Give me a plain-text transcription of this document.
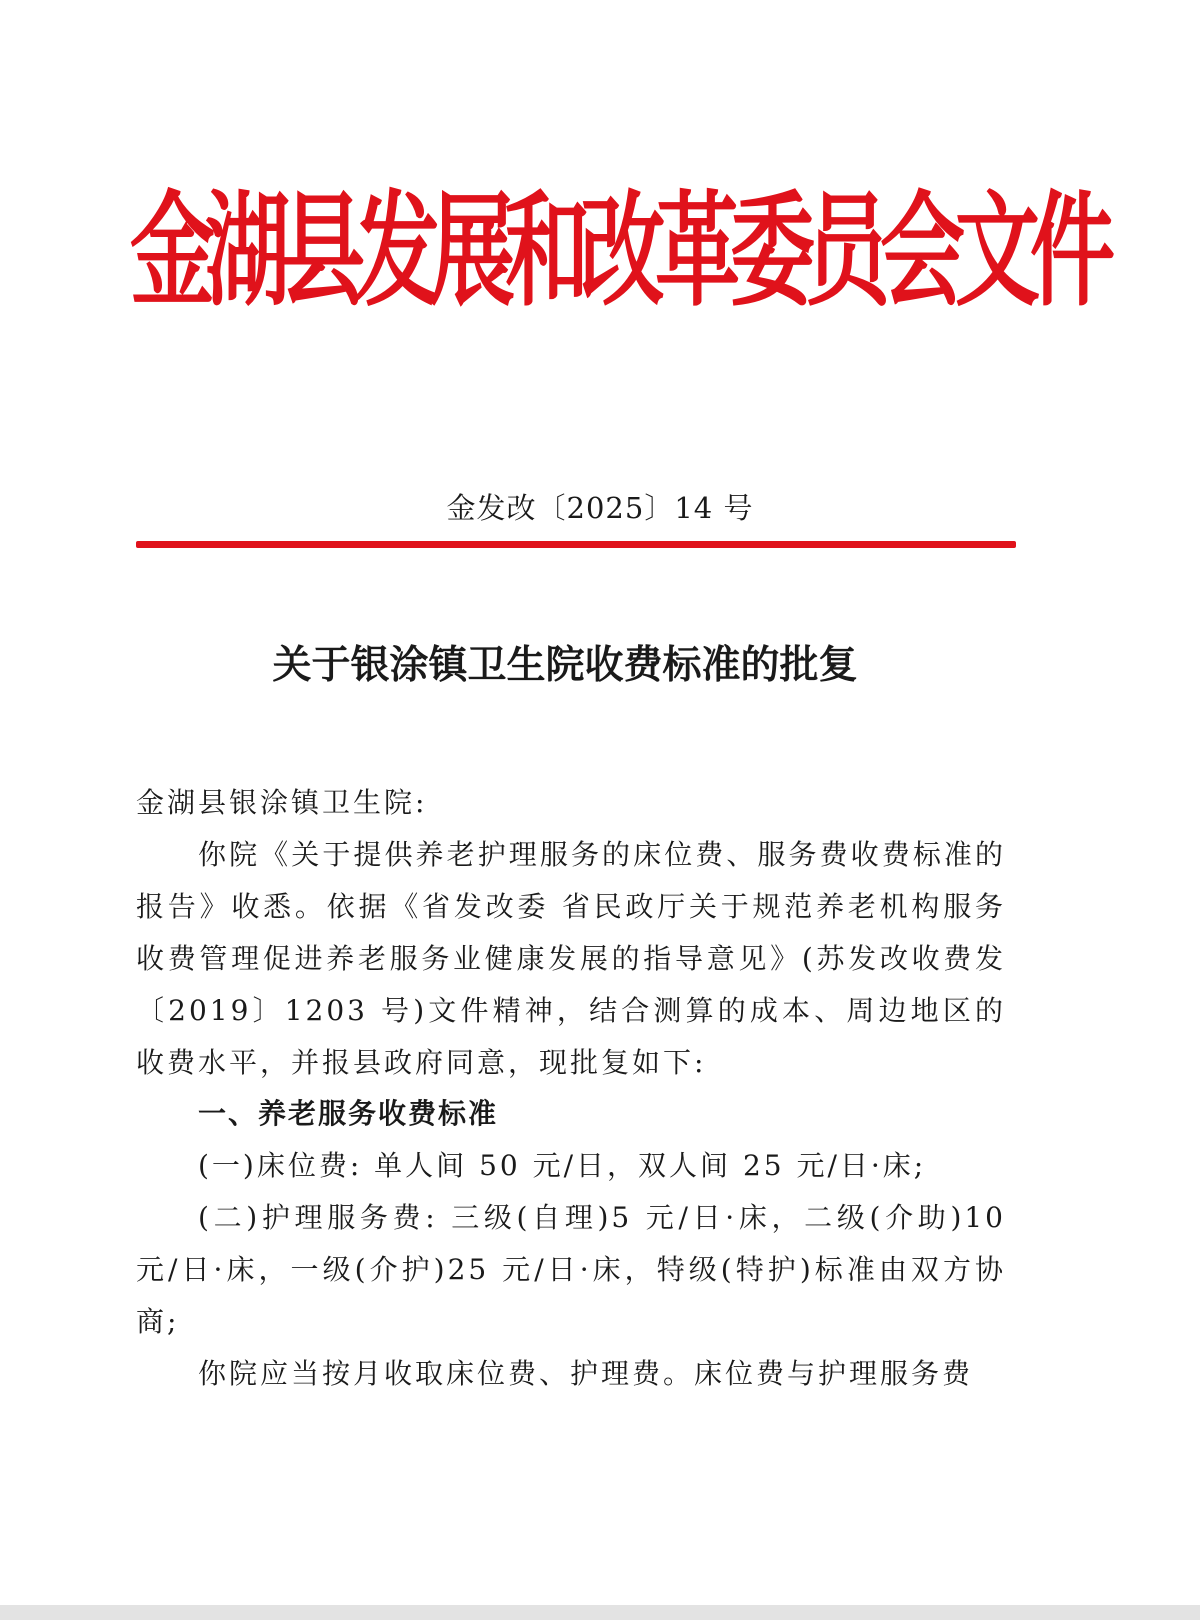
金湖县发展和改革委员会文件
金发改〔2025〕14 号
关于银涂镇卫生院收费标准的批复
金湖县银涂镇卫生院:
你院《关于提供养老护理服务的床位费、服务费收费标准的报告》收悉。依据《省发改委 省民政厅关于规范养老机构服务收费管理促进养老服务业健康发展的指导意见》(苏发改收费发〔2019〕1203 号)文件精神，结合测算的成本、周边地区的收费水平，并报县政府同意，现批复如下:
一、养老服务收费标准
(一)床位费: 单人间 50 元/日，双人间 25 元/日·床;
(二)护理服务费: 三级(自理)5 元/日·床，二级(介助)10 元/日·床，一级(介护)25 元/日·床，特级(特护)标准由双方协商;
你院应当按月收取床位费、护理费。床位费与护理服务费
